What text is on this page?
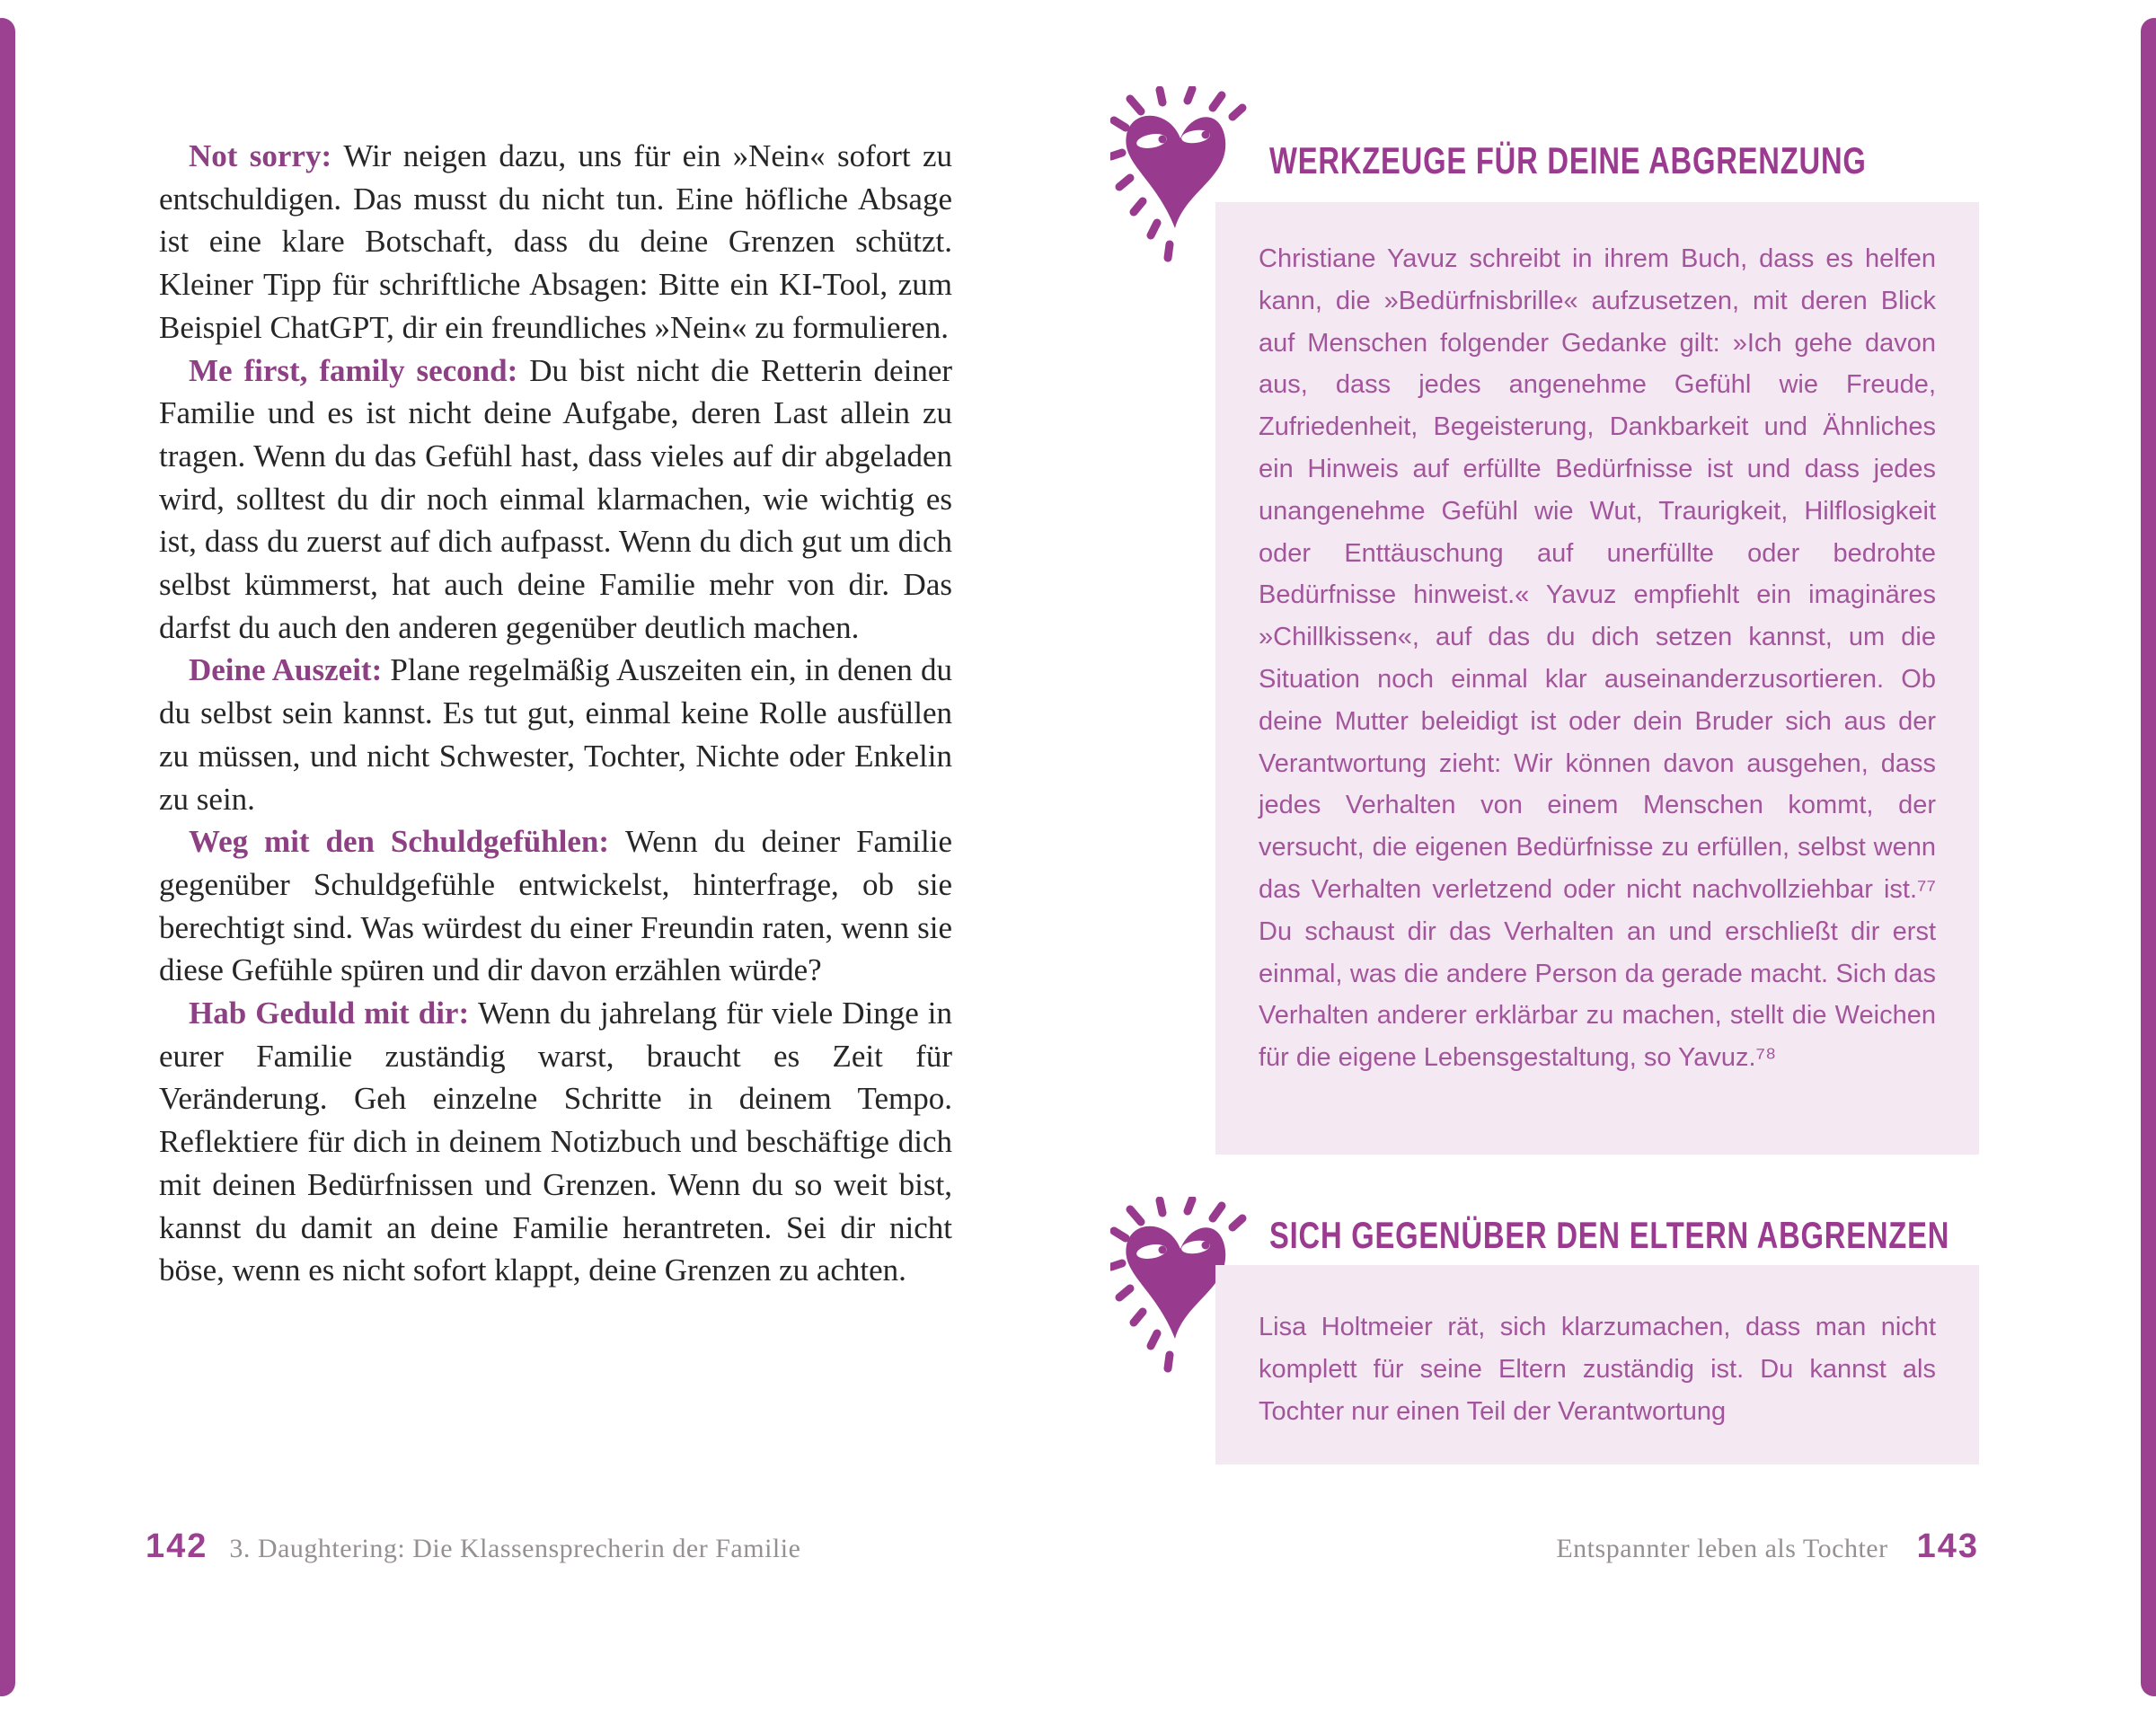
Not sorry: Wir neigen dazu, uns für ein »Nein« sofort zu entschuldigen. Das musst du nicht tun. Eine höfliche Absage ist eine klare Botschaft, dass du deine Grenzen schützt. Kleiner Tipp für schriftliche Absagen: Bitte ein KI-Tool, zum Beispiel ChatGPT, dir ein freundliches »Nein« zu formulieren.

Me first, family second: Du bist nicht die Retterin deiner Familie und es ist nicht deine Aufgabe, deren Last allein zu tragen. Wenn du das Gefühl hast, dass vieles auf dir abgeladen wird, solltest du dir noch einmal klarmachen, wie wichtig es ist, dass du zuerst auf dich aufpasst. Wenn du dich gut um dich selbst kümmerst, hat auch deine Familie mehr von dir. Das darfst du auch den anderen gegenüber deutlich machen.

Deine Auszeit: Plane regelmäßig Auszeiten ein, in denen du du selbst sein kannst. Es tut gut, einmal keine Rolle ausfüllen zu müssen, und nicht Schwester, Tochter, Nichte oder Enkelin zu sein.

Weg mit den Schuldgefühlen: Wenn du deiner Familie gegenüber Schuldgefühle entwickelst, hinterfrage, ob sie berechtigt sind. Was würdest du einer Freundin raten, wenn sie diese Gefühle spüren und dir davon erzählen würde?

Hab Geduld mit dir: Wenn du jahrelang für viele Dinge in eurer Familie zuständig warst, braucht es Zeit für Veränderung. Geh einzelne Schritte in deinem Tempo. Reflektiere für dich in deinem Notizbuch und beschäftige dich mit deinen Bedürfnissen und Grenzen. Wenn du so weit bist, kannst du damit an deine Familie herantreten. Sei dir nicht böse, wenn es nicht sofort klappt, deine Grenzen zu achten.

142 3. Daughtering: Die Klassensprecherin der Familie
WERKZEUGE FÜR DEINE ABGRENZUNG

Christiane Yavuz schreibt in ihrem Buch, dass es helfen kann, die »Bedürfnisbrille« aufzusetzen, mit deren Blick auf Menschen folgender Gedanke gilt: »Ich gehe davon aus, dass jedes angenehme Gefühl wie Freude, Zufriedenheit, Begeisterung, Dankbarkeit und Ähnliches ein Hinweis auf erfüllte Bedürfnisse ist und dass jedes unangenehme Gefühl wie Wut, Traurigkeit, Hilflosigkeit oder Enttäuschung auf unerfüllte oder bedrohte Bedürfnisse hinweist.« Yavuz empfiehlt ein imaginäres »Chillkissen«, auf das du dich setzen kannst, um die Situation noch einmal klar auseinanderzusortieren. Ob deine Mutter beleidigt ist oder dein Bruder sich aus der Verantwortung zieht: Wir können davon ausgehen, dass jedes Verhalten von einem Menschen kommt, der versucht, die eigenen Bedürfnisse zu erfüllen, selbst wenn das Verhalten verletzend oder nicht nachvollziehbar ist.⁷⁷ Du schaust dir das Verhalten an und erschließt dir erst einmal, was die andere Person da gerade macht. Sich das Verhalten anderer erklärbar zu machen, stellt die Weichen für die eigene Lebensgestaltung, so Yavuz.⁷⁸

SICH GEGENÜBER DEN ELTERN ABGRENZEN

Lisa Holtmeier rät, sich klarzumachen, dass man nicht komplett für seine Eltern zuständig ist. Du kannst als Tochter nur einen Teil der Verantwortung

Entspannter leben als Tochter 143
